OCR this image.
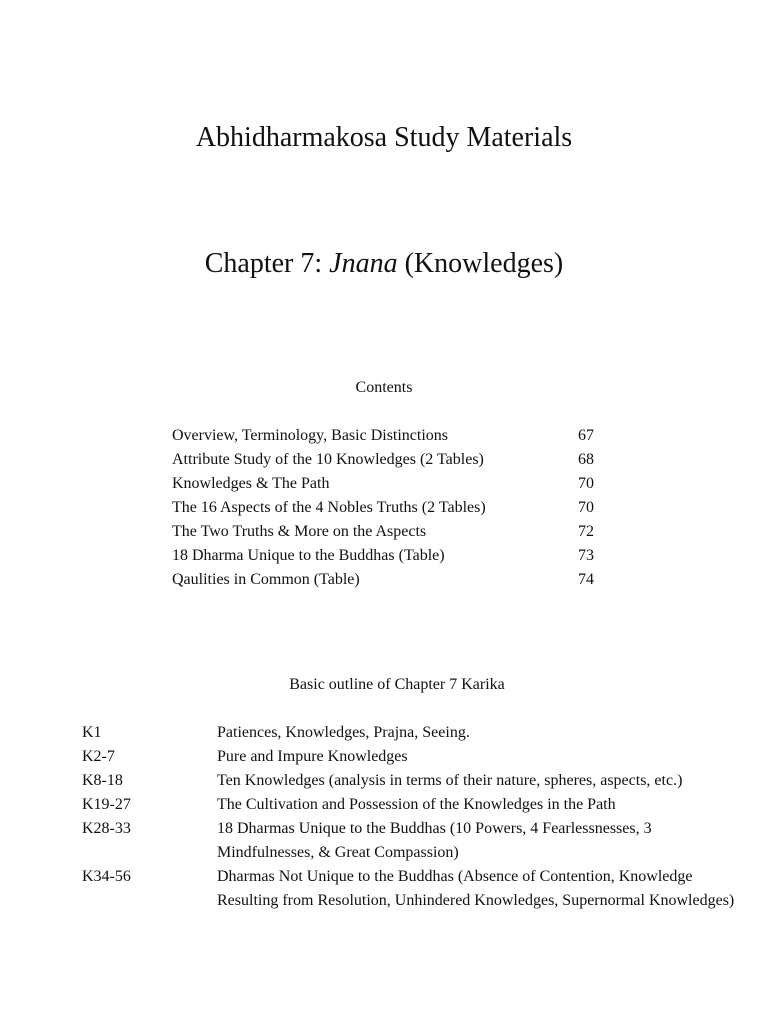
Abhidharmakosa Study Materials
Chapter 7: Jnana (Knowledges)
Contents
Overview, Terminology, Basic Distinctions	67
Attribute Study of the 10 Knowledges (2 Tables)	68
Knowledges & The Path	70
The 16 Aspects of the 4 Nobles Truths (2 Tables)	70
The Two Truths & More on the Aspects	72
18 Dharma Unique to the Buddhas (Table)	73
Qaulities in Common (Table)	74
Basic outline of Chapter 7 Karika
K1	Patiences, Knowledges, Prajna, Seeing.
K2-7	Pure and Impure Knowledges
K8-18	Ten Knowledges (analysis in terms of their nature, spheres, aspects, etc.)
K19-27	The Cultivation and Possession of the Knowledges in the Path
K28-33	18 Dharmas Unique to the Buddhas (10 Powers, 4 Fearlessnesses, 3 Mindfulnesses, & Great Compassion)
K34-56	Dharmas Not Unique to the Buddhas (Absence of Contention, Knowledge Resulting from Resolution, Unhindered Knowledges, Supernormal Knowledges)
